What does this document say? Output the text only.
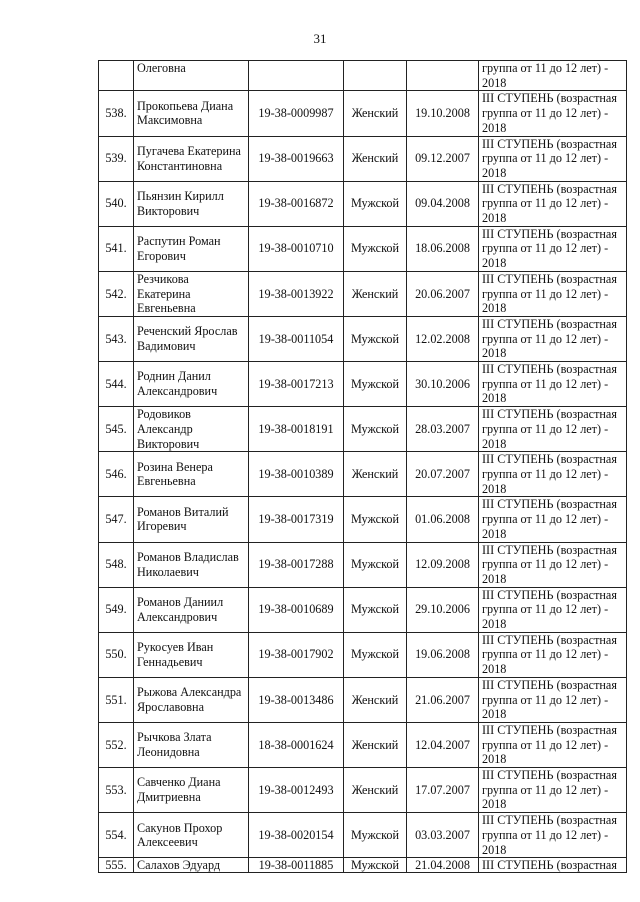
31
	Олеговна				группа от 11 до 12 лет) -
2018

538.	Прокопьева Диана Максимовна	19-38-0009987	Женский	19.10.2008	III СТУПЕНЬ (возрастная
группа от 11 до 12 лет) -
2018

539.	Пугачева Екатерина Константиновна	19-38-0019663	Женский	09.12.2007	III СТУПЕНЬ (возрастная
группа от 11 до 12 лет) -
2018

540.	Пьянзин Кирилл Викторович	19-38-0016872	Мужской	09.04.2008	III СТУПЕНЬ (возрастная
группа от 11 до 12 лет) -
2018

541.	Распутин Роман Егорович	19-38-0010710	Мужской	18.06.2008	III СТУПЕНЬ (возрастная
группа от 11 до 12 лет) -
2018

542.	Резчикова Екатерина Евгеньевна	19-38-0013922	Женский	20.06.2007	III СТУПЕНЬ (возрастная
группа от 11 до 12 лет) -
2018

543.	Реченский Ярослав Вадимович	19-38-0011054	Мужской	12.02.2008	III СТУПЕНЬ (возрастная
группа от 11 до 12 лет) -
2018

544.	Роднин Данил Александрович	19-38-0017213	Мужской	30.10.2006	III СТУПЕНЬ (возрастная
группа от 11 до 12 лет) -
2018

545.	Родовиков Александр Викторович	19-38-0018191	Мужской	28.03.2007	III СТУПЕНЬ (возрастная
группа от 11 до 12 лет) -
2018

546.	Розина Венера Евгеньевна	19-38-0010389	Женский	20.07.2007	III СТУПЕНЬ (возрастная
группа от 11 до 12 лет) -
2018

547.	Романов Виталий Игоревич	19-38-0017319	Мужской	01.06.2008	III СТУПЕНЬ (возрастная
группа от 11 до 12 лет) -
2018

548.	Романов Владислав Николаевич	19-38-0017288	Мужской	12.09.2008	III СТУПЕНЬ (возрастная
группа от 11 до 12 лет) -
2018

549.	Романов Даниил Александрович	19-38-0010689	Мужской	29.10.2006	III СТУПЕНЬ (возрастная
группа от 11 до 12 лет) -
2018

550.	Рукосуев Иван Геннадьевич	19-38-0017902	Мужской	19.06.2008	III СТУПЕНЬ (возрастная
группа от 11 до 12 лет) -
2018

551.	Рыжова Александра Ярославовна	19-38-0013486	Женский	21.06.2007	III СТУПЕНЬ (возрастная
группа от 11 до 12 лет) -
2018

552.	Рычкова Злата Леонидовна	18-38-0001624	Женский	12.04.2007	III СТУПЕНЬ (возрастная
группа от 11 до 12 лет) -
2018

553.	Савченко Диана Дмитриевна	19-38-0012493	Женский	17.07.2007	III СТУПЕНЬ (возрастная
группа от 11 до 12 лет) -
2018

554.	Сакунов Прохор Алексеевич	19-38-0020154	Мужской	03.03.2007	III СТУПЕНЬ (возрастная
группа от 11 до 12 лет) -
2018

555.	Салахов Эдуард	19-38-0011885	Мужской	21.04.2008	III СТУПЕНЬ (возрастная
